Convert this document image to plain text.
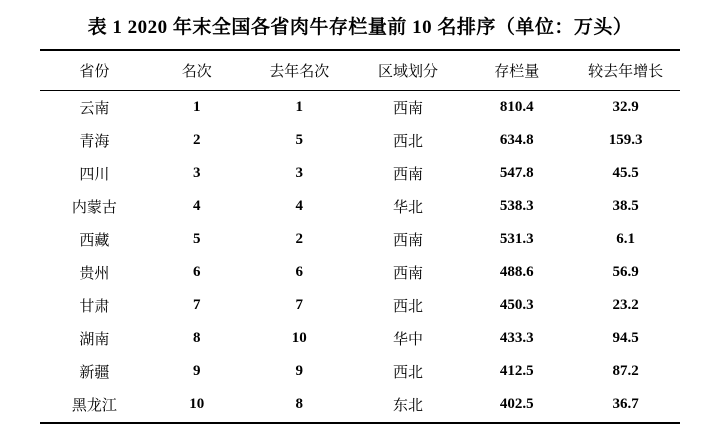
表 1 2020 年末全国各省肉牛存栏量前 10 名排序（单位：万头）
省份	名次	去年名次	区域划分	存栏量	较去年增长
云南	1	1	西南	810.4	32.9
青海	2	5	西北	634.8	159.3
四川	3	3	西南	547.8	45.5
内蒙古	4	4	华北	538.3	38.5
西藏	5	2	西南	531.3	6.1
贵州	6	6	西南	488.6	56.9
甘肃	7	7	西北	450.3	23.2
湖南	8	10	华中	433.3	94.5
新疆	9	9	西北	412.5	87.2
黑龙江	10	8	东北	402.5	36.7
